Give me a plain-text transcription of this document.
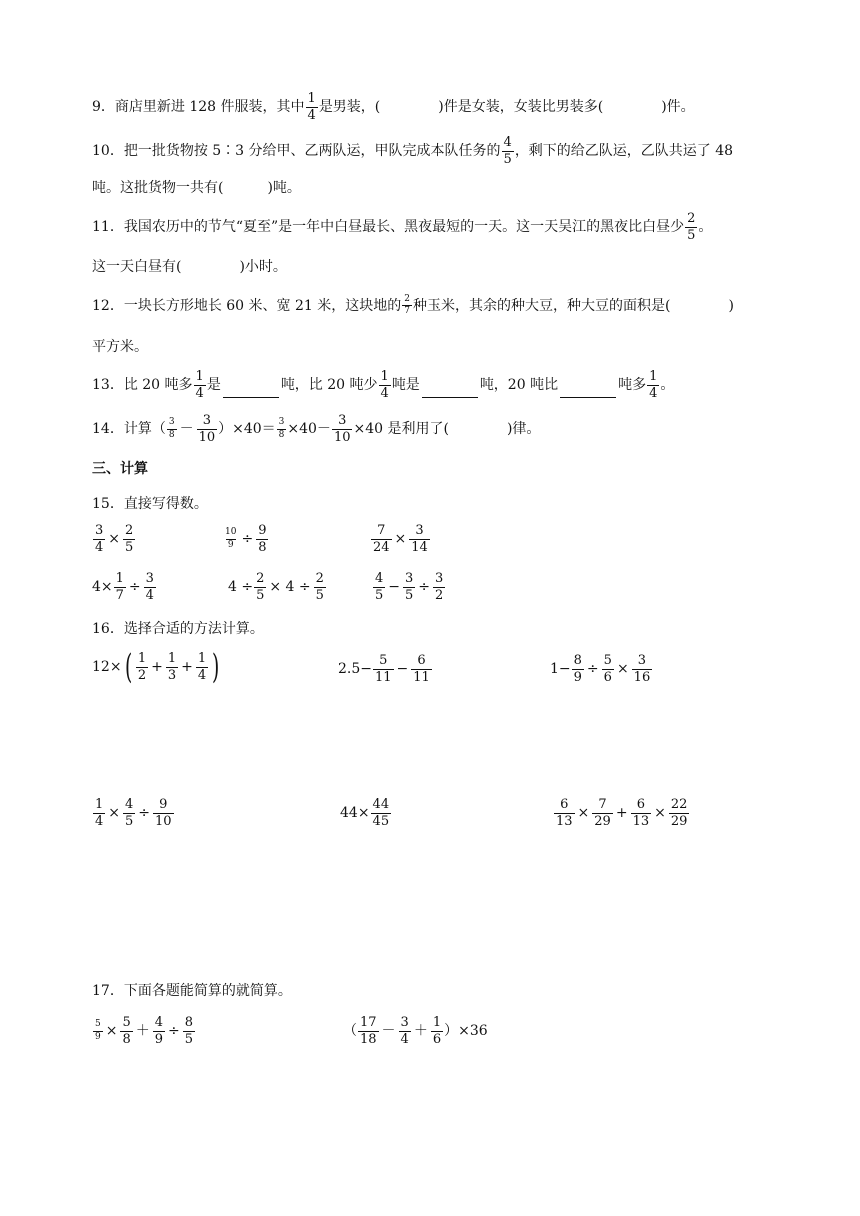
9．商店里新进 128 件服装，其中 $\frac{1}{4}$ 是男装，(	)件是女装，女装比男装多(	)件。
10．把一批货物按 5∶3 分给甲、乙两队运，甲队完成本队任务的 $\frac{4}{5}$ ，剩下的给乙队运，乙队共运了 48
吨。这批货物一共有(	)吨。
11．我国农历中的节气“夏至”是一年中白昼最长、黑夜最短的一天。这一天吴江的黑夜比白昼少 $\frac{2}{5}$ 。
这一天白昼有(	)小时。
12．一块长方形地长 60 米、宽 21 米，这块地的 $\frac{2}{7}$ 种玉米，其余的种大豆，种大豆的面积是(	)
平方米。
13．比 20 吨多 $\frac{1}{4}$ 是	吨，比 20 吨少 $\frac{1}{4}$ 吨是	吨，20 吨比	吨多 $\frac{1}{4}$ 。
14．计算（ $\frac{3}{8} - \frac{3}{10} )\times 40= \frac{3}{8} \times 40- \frac{3}{10} \times 40$ 是利用了(	)律。
三、计算
15．直接写得数。
$\frac{3}{4} \times \frac{2}{5}$	$\frac{10}{9} \div \frac{9}{8}$	$\frac{7}{24} \times \frac{3}{14}$
$4\times \frac{1}{7} \div \frac{3}{4}$	$4 \div \frac{2}{5} \times 4 \div \frac{2}{5}$	$\frac{4}{5} - \frac{3}{5} \div \frac{3}{2}$
16．选择合适的方法计算。
12× ( $\frac{1}{2} + \frac{1}{3} + \frac{1}{4}$ )	$2.5- \frac{5}{11} - \frac{6}{11}$	$1- \frac{8}{9} \div \frac{5}{6} \times \frac{3}{16}$
$\frac{1}{4} \times \frac{4}{5} \div \frac{9}{10}$	$44\times \frac{44}{45}$	$\frac{6}{13} \times \frac{7}{29} + \frac{6}{13} \times \frac{22}{29}$
17．下面各题能简算的就简算。
$\frac{5}{9} \times \frac{5}{8} + \frac{4}{9} \div \frac{8}{5}$	（ $\frac{17}{18} - \frac{3}{4} + \frac{1}{6} )\times 36$
